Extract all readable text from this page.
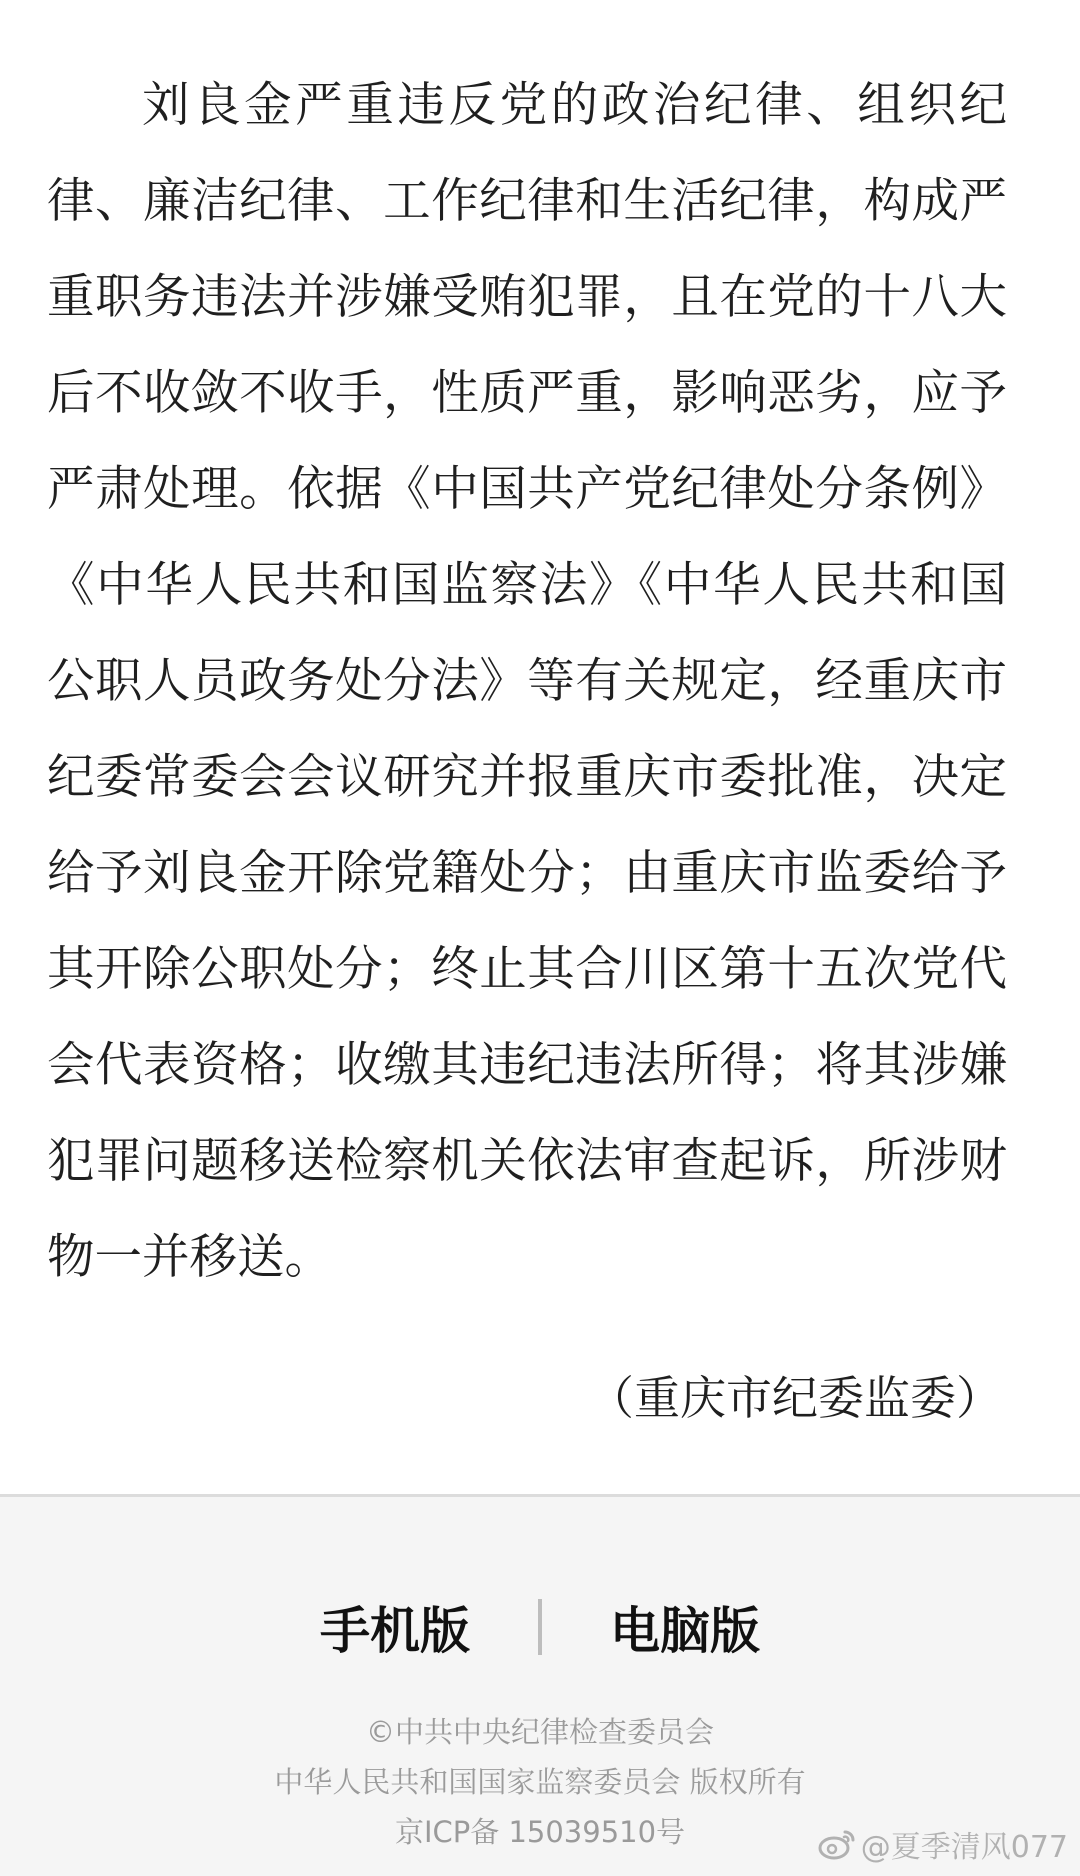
刘良金严重违反党的政治纪律、组织纪律、廉洁纪律、工作纪律和生活纪律，构成严重职务违法并涉嫌受贿犯罪，且在党的十八大后不收敛不收手，性质严重，影响恶劣，应予严肃处理。依据《中国共产党纪律处分条例》《中华人民共和国监察法》《中华人民共和国公职人员政务处分法》等有关规定，经重庆市纪委常委会会议研究并报重庆市委批准，决定给予刘良金开除党籍处分；由重庆市监委给予其开除公职处分；终止其合川区第十五次党代会代表资格；收缴其违纪违法所得；将其涉嫌犯罪问题移送检察机关依法审查起诉，所涉财物一并移送。

（重庆市纪委监委）

手机版	电脑版

©中共中央纪律检查委员会

中华人民共和国国家监察委员会 版权所有

京ICP备 15039510号	@夏季清风077
